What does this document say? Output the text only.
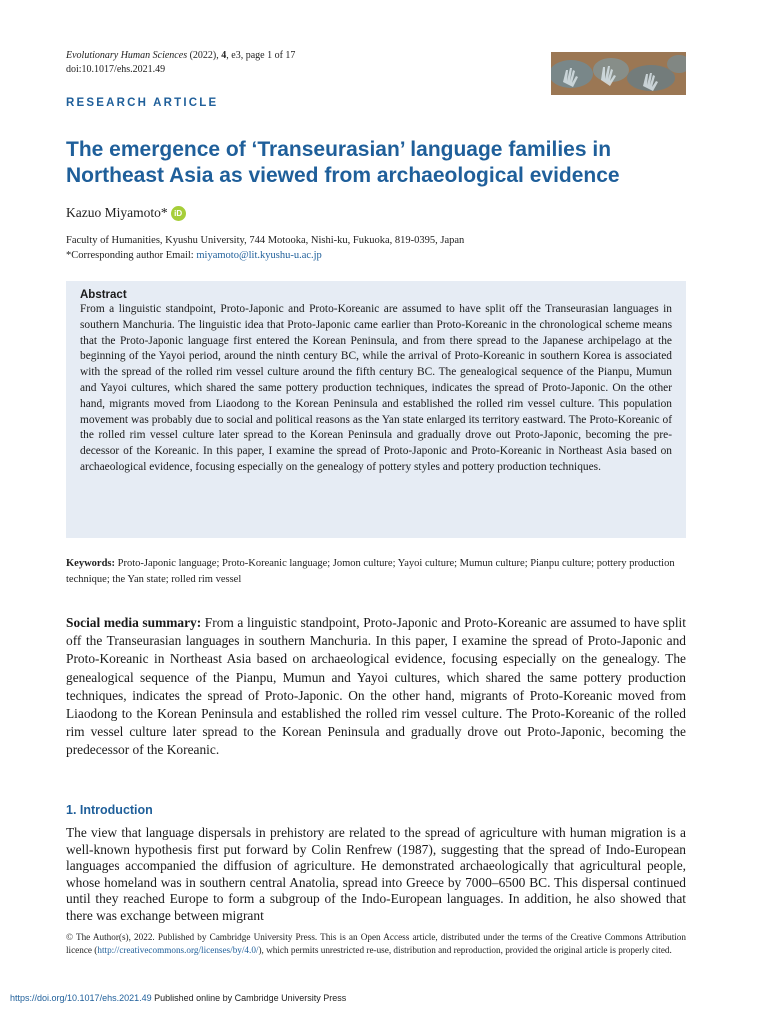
Evolutionary Human Sciences (2022), 4, e3, page 1 of 17
doi:10.1017/ehs.2021.49
RESEARCH ARTICLE
The emergence of ‘Transeurasian’ language families in Northeast Asia as viewed from archaeological evidence
Kazuo Miyamoto* iD
Faculty of Humanities, Kyushu University, 744 Motooka, Nishi-ku, Fukuoka, 819-0395, Japan
*Corresponding author Email: miyamoto@lit.kyushu-u.ac.jp
Abstract

From a linguistic standpoint, Proto-Japonic and Proto-Koreanic are assumed to have split off the Transeurasian languages in southern Manchuria. The linguistic idea that Proto-Japonic came earlier than Proto-Koreanic in the chronological scheme means that the Proto-Japonic language first entered the Korean Peninsula, and from there spread to the Japanese archipelago at the beginning of the Yayoi period, around the ninth century BC, while the arrival of Proto-Koreanic in southern Korea is associated with the spread of the rolled rim vessel culture around the fifth century BC. The genealogical sequence of the Pianpu, Mumun and Yayoi cultures, which shared the same pottery production techniques, indicates the spread of Proto-Japonic. On the other hand, migrants moved from Liaodong to the Korean Peninsula and established the rolled rim vessel culture. This population movement was probably due to social and political reasons as the Yan state enlarged its territory eastward. The Proto-Koreanic of the rolled rim vessel culture later spread to the Korean Peninsula and gradually drove out Proto-Japonic, becoming the predecessor of the Koreanic. In this paper, I examine the spread of Proto-Japonic and Proto-Koreanic in Northeast Asia based on archaeological evidence, focusing especially on the genealogy of pottery styles and pottery production techniques.

Keywords: Proto-Japonic language; Proto-Koreanic language; Jomon culture; Yayoi culture; Mumun culture; Pianpu culture; pottery production technique; the Yan state; rolled rim vessel

Social media summary: From a linguistic standpoint, Proto-Japonic and Proto-Koreanic are assumed to have split off the Transeurasian languages in southern Manchuria. In this paper, I examine the spread of Proto-Japonic and Proto-Koreanic in Northeast Asia based on archaeological evidence, focusing especially on the genealogy. The genealogical sequence of the Pianpu, Mumun and Yayoi cultures, which shared the same pottery production techniques, indicates the spread of Proto-Japonic. On the other hand, migrants of Proto-Koreanic moved from Liaodong to the Korean Peninsula and established the rolled rim vessel culture. The Proto-Koreanic of the rolled rim vessel culture later spread to the Korean Peninsula and gradually drove out Proto-Japonic, becoming the predecessor of the Koreanic.

1. Introduction

The view that language dispersals in prehistory are related to the spread of agriculture with human migration is a well-known hypothesis first put forward by Colin Renfrew (1987), suggesting that the spread of Indo-European languages accompanied the diffusion of agriculture. He demonstrated archaeologically that agricultural people, whose homeland was in southern central Anatolia, spread into Greece by 7000–6500 BC. This dispersal continued until they reached Europe to form a subgroup of the Indo-European languages. In addition, he also showed that there was exchange between migrant

© The Author(s), 2022. Published by Cambridge University Press. This is an Open Access article, distributed under the terms of the Creative Commons Attribution licence (http://creativecommons.org/licenses/by/4.0/), which permits unrestricted re-use, distribution and reproduction, provided the original article is properly cited.

https://doi.org/10.1017/ehs.2021.49 Published online by Cambridge University Press
